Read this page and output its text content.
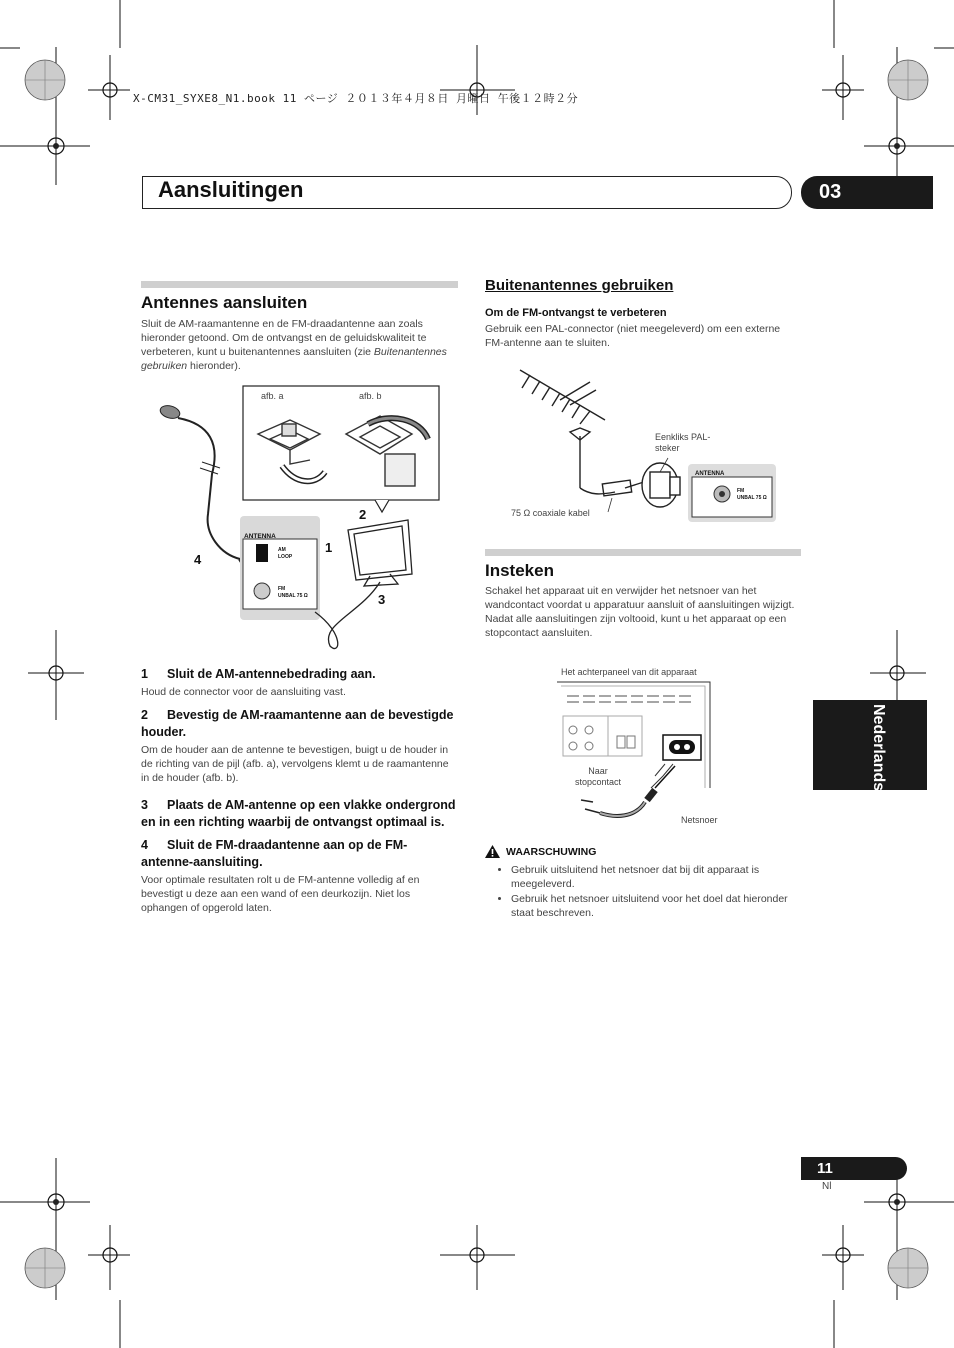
X-CM31_SYXE8_N1.book 11 ページ ２０１３年４月８日 月曜日 午後１２時２分
Aansluitingen	03
Nederlands
Antennes aansluiten
Sluit de AM-raamantenne en de FM-draadantenne aan zoals hieronder getoond. Om de ontvangst en de geluidskwaliteit te verbeteren, kunt u buitenantennes aansluiten (zie Buitenantennes gebruiken hieronder).
afb. a	afb. b
ANTENNA
AM
LOOP
FM
UNBAL 75 Ω
2
1
3
4
1 Sluit de AM-antennebedrading aan.
Houd de connector voor de aansluiting vast.
2 Bevestig de AM-raamantenne aan de bevestigde houder.
Om de houder aan de antenne te bevestigen, buigt u de houder in de richting van de pijl (afb. a), vervolgens klemt u de raamantenne in de houder (afb. b).
3 Plaats de AM-antenne op een vlakke ondergrond en in een richting waarbij de ontvangst optimaal is.
4 Sluit de FM-draadantenne aan op de FM-antenne-aansluiting.
Voor optimale resultaten rolt u de FM-antenne volledig af en bevestigt u deze aan een wand of een deurkozijn. Niet los ophangen of opgerold laten.
Buitenantennes gebruiken
Om de FM-ontvangst te verbeteren
Gebruik een PAL-connector (niet meegeleverd) om een externe FM-antenne aan te sluiten.
ANTENNA
FM
UNBAL 75 Ω
Eenkliks PAL-
steker
75 Ω coaxiale kabel
Insteken
Schakel het apparaat uit en verwijder het netsnoer van het wandcontact voordat u apparatuur aansluit of aansluitingen wijzigt.
Nadat alle aansluitingen zijn voltooid, kunt u het apparaat op een stopcontact aansluiten.
Het achterpaneel van dit apparaat
Naar
stopcontact
Netsnoer
WAARSCHUWING
• Gebruik uitsluitend het netsnoer dat bij dit apparaat is meegeleverd.
• Gebruik het netsnoer uitsluitend voor het doel dat hieronder staat beschreven.
11
Nl
